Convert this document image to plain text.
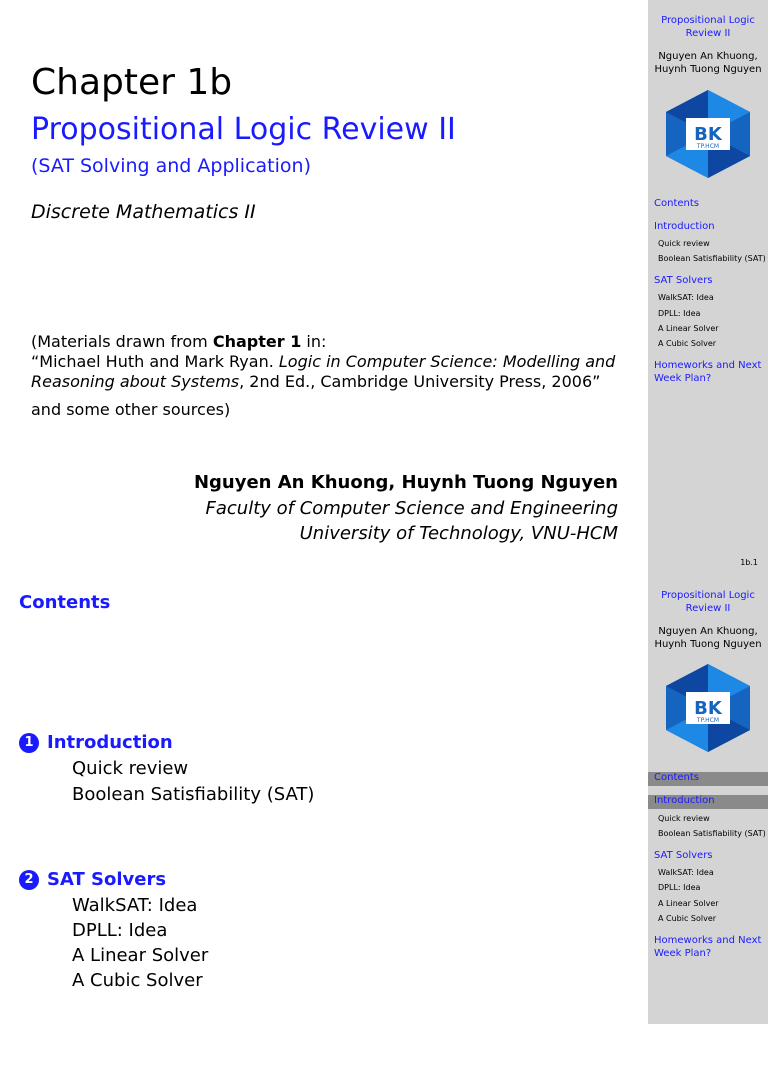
Chapter 1b
Propositional Logic Review II
(SAT Solving and Application)
Discrete Mathematics II
(Materials drawn from Chapter 1 in:
“Michael Huth and Mark Ryan. Logic in Computer Science: Modelling and
Reasoning about Systems, 2nd Ed., Cambridge University Press, 2006”
and some other sources)
Nguyen An Khuong, Huynh Tuong Nguyen
Faculty of Computer Science and Engineering
University of Technology, VNU-HCM
Contents
1 Introduction
Quick review
Boolean Satisfiability (SAT)
2 SAT Solvers
WalkSAT: Idea
DPLL: Idea
A Linear Solver
A Cubic Solver
Propositional Logic
Review II
Nguyen An Khuong,
Huynh Tuong Nguyen
BK
TP.HCM
Contents
Introduction
Quick review
Boolean Satisfiability (SAT)
SAT Solvers
WalkSAT: Idea
DPLL: Idea
A Linear Solver
A Cubic Solver
Homeworks and Next
Week Plan?
1b.1
Propositional Logic
Review II
Nguyen An Khuong,
Huynh Tuong Nguyen
BK
TP.HCM
Contents
Introduction
Quick review
Boolean Satisfiability (SAT)
SAT Solvers
WalkSAT: Idea
DPLL: Idea
A Linear Solver
A Cubic Solver
Homeworks and Next
Week Plan?
